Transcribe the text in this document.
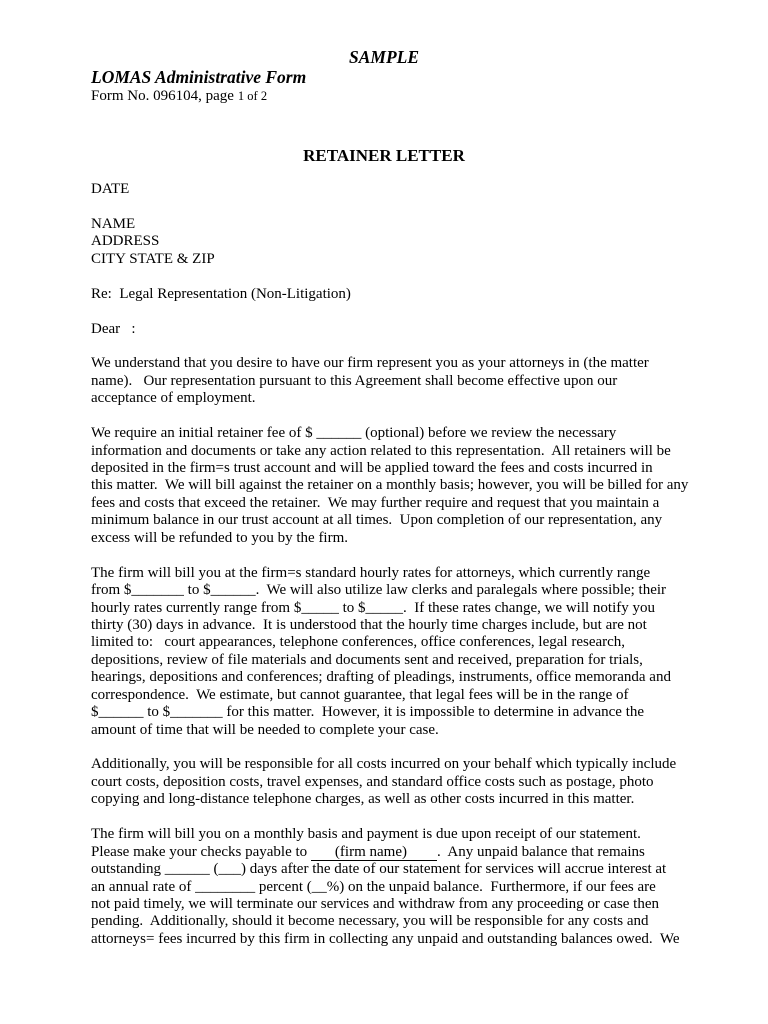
SAMPLE
LOMAS Administrative Form
Form No. 096104, page 1 of 2
RETAINER LETTER
DATE
NAME
ADDRESS
CITY STATE & ZIP
Re:  Legal Representation (Non-Litigation)
Dear   :
We understand that you desire to have our firm represent you as your attorneys in (the matter
name).   Our representation pursuant to this Agreement shall become effective upon our
acceptance of employment.
We require an initial retainer fee of $ ______ (optional) before we review the necessary
information and documents or take any action related to this representation.  All retainers will be
deposited in the firm=s trust account and will be applied toward the fees and costs incurred in
this matter.  We will bill against the retainer on a monthly basis; however, you will be billed for any
fees and costs that exceed the retainer.  We may further require and request that you maintain a
minimum balance in our trust account at all times.  Upon completion of our representation, any
excess will be refunded to you by the firm.
The firm will bill you at the firm=s standard hourly rates for attorneys, which currently range
from $_______ to $______.  We will also utilize law clerks and paralegals where possible; their
hourly rates currently range from $_____ to $_____.  If these rates change, we will notify you
thirty (30) days in advance.  It is understood that the hourly time charges include, but are not
limited to:   court appearances, telephone conferences, office conferences, legal research,
depositions, review of file materials and documents sent and received, preparation for trials,
hearings, depositions and conferences; drafting of pleadings, instruments, office memoranda and
correspondence.  We estimate, but cannot guarantee, that legal fees will be in the range of
$______ to $_______ for this matter.  However, it is impossible to determine in advance the
amount of time that will be needed to complete your case.
Additionally, you will be responsible for all costs incurred on your behalf which typically include
court costs, deposition costs, travel expenses, and standard office costs such as postage, photo
copying and long-distance telephone charges, as well as other costs incurred in this matter.
The firm will bill you on a monthly basis and payment is due upon receipt of our statement.
Please make your checks payable to (firm name) .  Any unpaid balance that remains
outstanding ______ (___) days after the date of our statement for services will accrue interest at
an annual rate of ________ percent (__%) on the unpaid balance.  Furthermore, if our fees are
not paid timely, we will terminate our services and withdraw from any proceeding or case then
pending.  Additionally, should it become necessary, you will be responsible for any costs and
attorneys= fees incurred by this firm in collecting any unpaid and outstanding balances owed.  We
